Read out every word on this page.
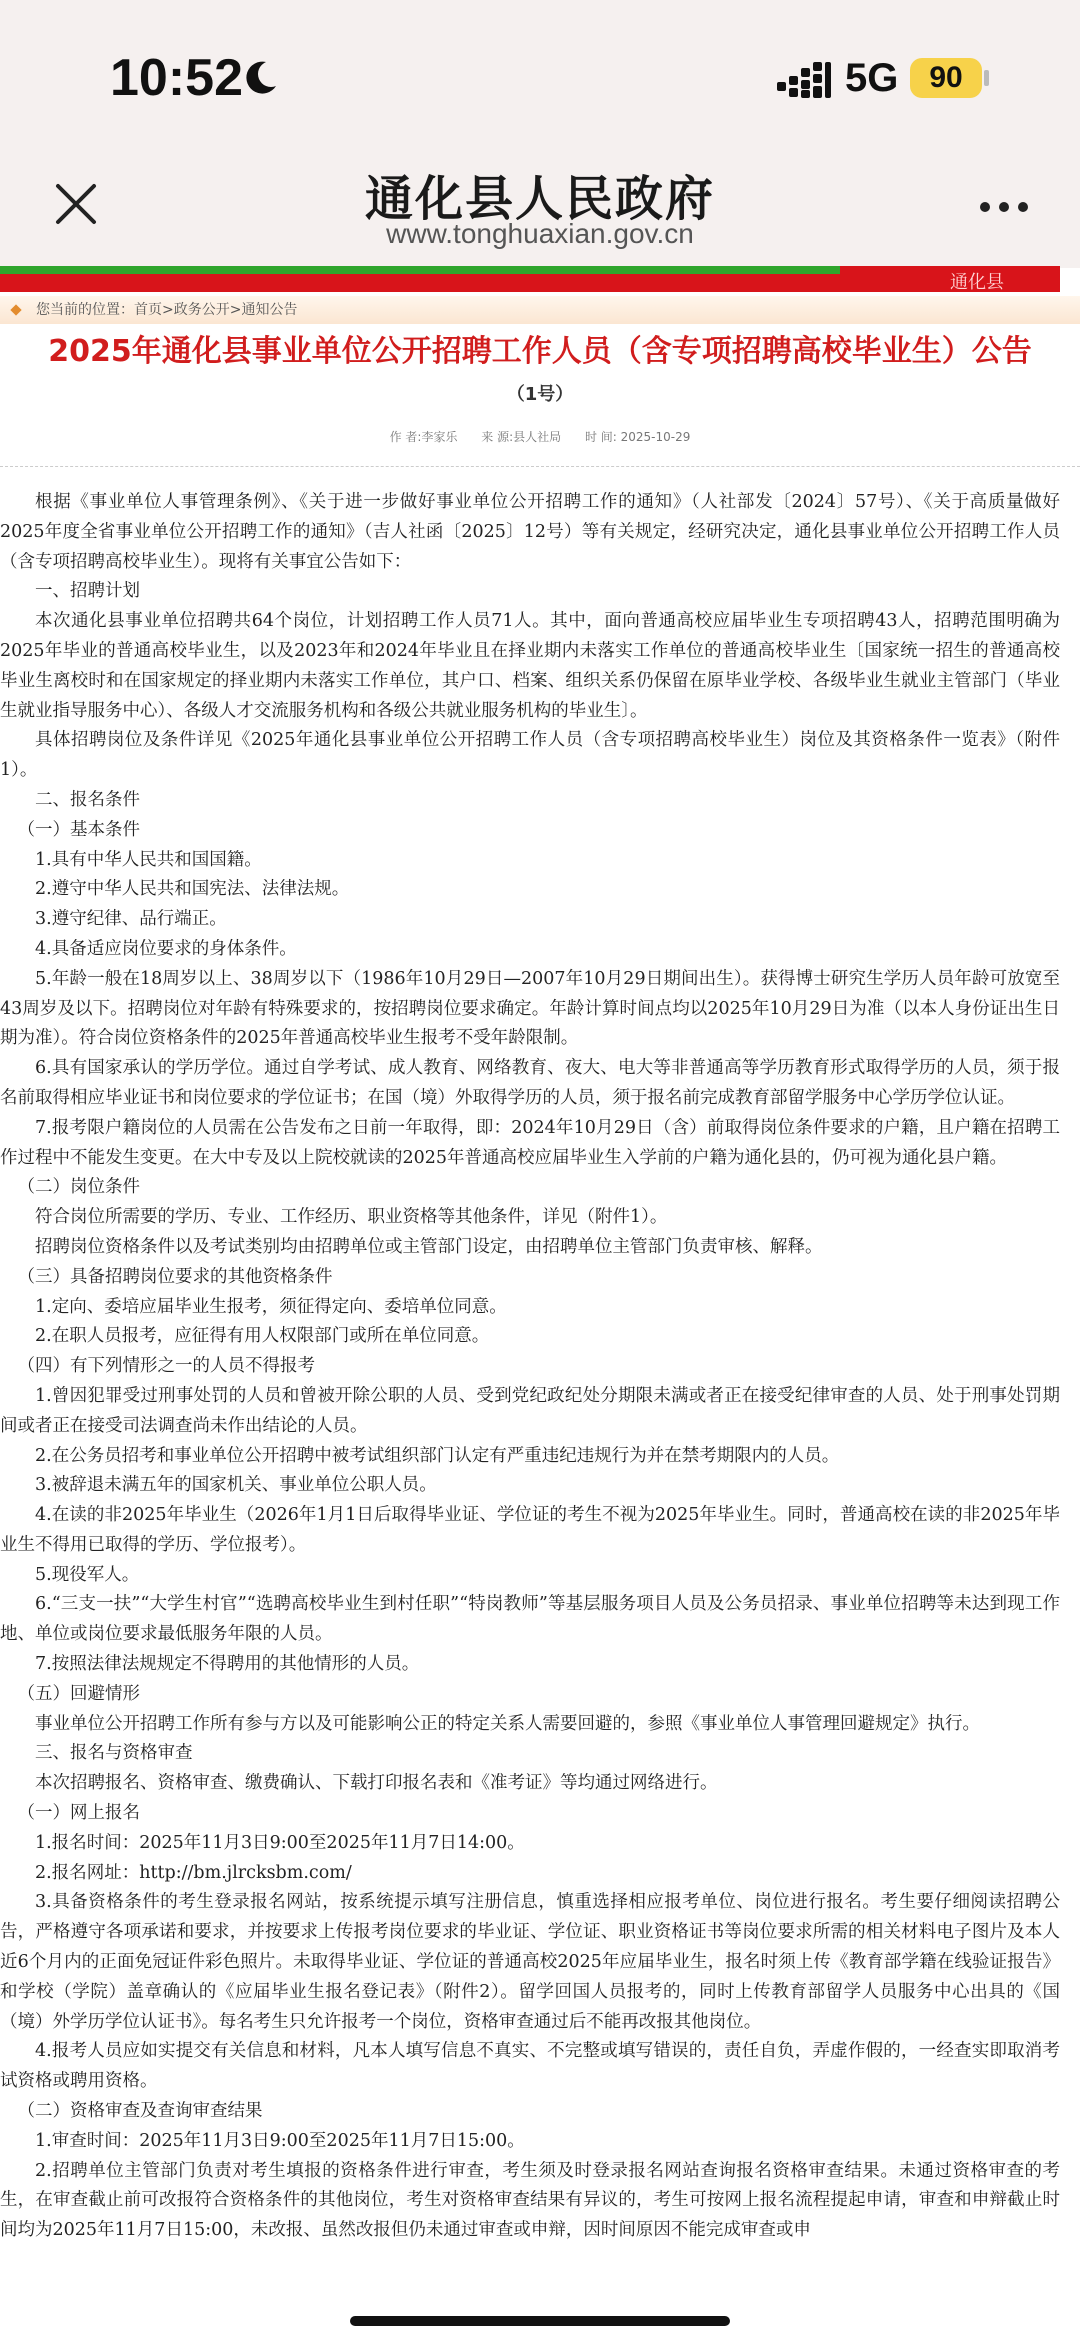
10:52	5G	90
通化县人民政府
www.tonghuaxian.gov.cn
通化县
您当前的位置：首页>政务公开>通知公告
2025年通化县事业单位公开招聘工作人员（含专项招聘高校毕业生）公告
（1号）
作 者:李家乐 来 源:县人社局 时 间: 2025-10-29

根据《事业单位人事管理条例》、《关于进一步做好事业单位公开招聘工作的通知》（人社部发〔2024〕57号）、《关于高质量做好2025年度全省事业单位公开招聘工作的通知》（吉人社函〔2025〕12号）等有关规定，经研究决定，通化县事业单位公开招聘工作人员（含专项招聘高校毕业生）。现将有关事宜公告如下：

一、招聘计划

本次通化县事业单位招聘共64个岗位，计划招聘工作人员71人。其中，面向普通高校应届毕业生专项招聘43人，招聘范围明确为2025年毕业的普通高校毕业生，以及2023年和2024年毕业且在择业期内未落实工作单位的普通高校毕业生〔国家统一招生的普通高校毕业生离校时和在国家规定的择业期内未落实工作单位，其户口、档案、组织关系仍保留在原毕业学校、各级毕业生就业主管部门（毕业生就业指导服务中心）、各级人才交流服务机构和各级公共就业服务机构的毕业生〕。

具体招聘岗位及条件详见《2025年通化县事业单位公开招聘工作人员（含专项招聘高校毕业生）岗位及其资格条件一览表》（附件1）。

二、报名条件

（一）基本条件

1.具有中华人民共和国国籍。

2.遵守中华人民共和国宪法、法律法规。

3.遵守纪律、品行端正。

4.具备适应岗位要求的身体条件。

5.年龄一般在18周岁以上、38周岁以下（1986年10月29日—2007年10月29日期间出生）。获得博士研究生学历人员年龄可放宽至43周岁及以下。招聘岗位对年龄有特殊要求的，按招聘岗位要求确定。年龄计算时间点均以2025年10月29日为准（以本人身份证出生日期为准）。符合岗位资格条件的2025年普通高校毕业生报考不受年龄限制。

6.具有国家承认的学历学位。通过自学考试、成人教育、网络教育、夜大、电大等非普通高等学历教育形式取得学历的人员，须于报名前取得相应毕业证书和岗位要求的学位证书；在国（境）外取得学历的人员，须于报名前完成教育部留学服务中心学历学位认证。

7.报考限户籍岗位的人员需在公告发布之日前一年取得，即：2024年10月29日（含）前取得岗位条件要求的户籍，且户籍在招聘工作过程中不能发生变更。在大中专及以上院校就读的2025年普通高校应届毕业生入学前的户籍为通化县的，仍可视为通化县户籍。

（二）岗位条件

符合岗位所需要的学历、专业、工作经历、职业资格等其他条件，详见（附件1）。

招聘岗位资格条件以及考试类别均由招聘单位或主管部门设定，由招聘单位主管部门负责审核、解释。

（三）具备招聘岗位要求的其他资格条件

1.定向、委培应届毕业生报考，须征得定向、委培单位同意。

2.在职人员报考，应征得有用人权限部门或所在单位同意。

（四）有下列情形之一的人员不得报考

1.曾因犯罪受过刑事处罚的人员和曾被开除公职的人员、受到党纪政纪处分期限未满或者正在接受纪律审查的人员、处于刑事处罚期间或者正在接受司法调查尚未作出结论的人员。

2.在公务员招考和事业单位公开招聘中被考试组织部门认定有严重违纪违规行为并在禁考期限内的人员。

3.被辞退未满五年的国家机关、事业单位公职人员。

4.在读的非2025年毕业生（2026年1月1日后取得毕业证、学位证的考生不视为2025年毕业生。同时，普通高校在读的非2025年毕业生不得用已取得的学历、学位报考）。

5.现役军人。

6.“三支一扶”“大学生村官”“选聘高校毕业生到村任职”“特岗教师”等基层服务项目人员及公务员招录、事业单位招聘等未达到现工作地、单位或岗位要求最低服务年限的人员。

7.按照法律法规规定不得聘用的其他情形的人员。

（五）回避情形

事业单位公开招聘工作所有参与方以及可能影响公正的特定关系人需要回避的，参照《事业单位人事管理回避规定》执行。

三、报名与资格审查

本次招聘报名、资格审查、缴费确认、下载打印报名表和《准考证》等均通过网络进行。

（一）网上报名

1.报名时间：2025年11月3日9:00至2025年11月7日14:00。

2.报名网址：http://bm.jlrcksbm.com/

3.具备资格条件的考生登录报名网站，按系统提示填写注册信息，慎重选择相应报考单位、岗位进行报名。考生要仔细阅读招聘公告，严格遵守各项承诺和要求，并按要求上传报考岗位要求的毕业证、学位证、职业资格证书等岗位要求所需的相关材料电子图片及本人近6个月内的正面免冠证件彩色照片。未取得毕业证、学位证的普通高校2025年应届毕业生，报名时须上传《教育部学籍在线验证报告》和学校（学院）盖章确认的《应届毕业生报名登记表》（附件2）。留学回国人员报考的，同时上传教育部留学人员服务中心出具的《国（境）外学历学位认证书》。每名考生只允许报考一个岗位，资格审查通过后不能再改报其他岗位。

4.报考人员应如实提交有关信息和材料，凡本人填写信息不真实、不完整或填写错误的，责任自负，弄虚作假的，一经查实即取消考试资格或聘用资格。

（二）资格审查及查询审查结果

1.审查时间：2025年11月3日9:00至2025年11月7日15:00。

2.招聘单位主管部门负责对考生填报的资格条件进行审查，考生须及时登录报名网站查询报名资格审查结果。未通过资格审查的考生，在审查截止前可改报符合资格条件的其他岗位，考生对资格审查结果有异议的，考生可按网上报名流程提起申请，审查和申辩截止时间均为2025年11月7日15:00，未改报、虽然改报但仍未通过审查或申辩，因时间原因不能完成审查或申
